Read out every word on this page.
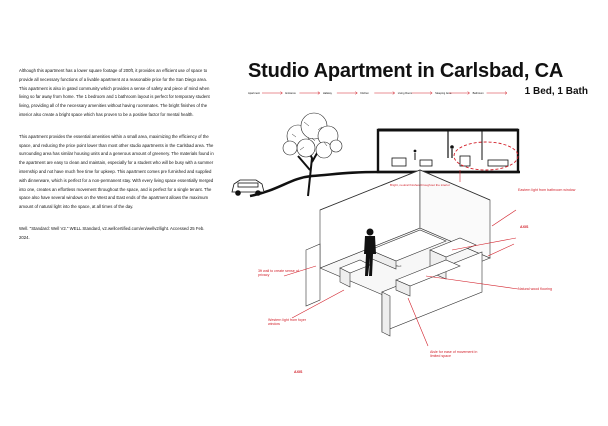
Although this apartment has a lower square footage of 200ft, it provides an efficient use of space to provide all necessary functions of a livable apartment at a reasonable price for the San Diego area. This apartment is also in gated community which provides a sense of safety and piece of mind when living so far away from home. The 1 bedroom and 1 bathroom layout is perfect for temporary student living, providing all of the necessary amenities without having roommates. The bright finishes of the interior also create a bright space which has proven to be a positive factor for mental health.

This apartment provides the essential amenities within a small area, maximizing the efficiency of the space, and reducing the price point lower than most other studio apartments in the Carlsbad area. The surrounding area has similar housing units and a generous amount of greenery. The materials found in the apartment are easy to clean and maintain, especially for a student who will be busy with a summer internship and not have much free time for upkeep. This apartment comes pre furnished and supplied with dinnerware, which is perfect for a non-permanent stay. With every living space essentially merged into one, creates an effortless movement throughout the space, and is perfect for a single tenant. The space also have several windows on the West and East ends of the apartment allows the maximum amount of natural light into the space, at all times of the day.

Well. "Standard: Well V2." WELL Standard, v2.wellcertified.com/en/wellv2/light. Accessed 25 Feb. 2024.

Studio Apartment in Carlsbad, CA
1 Bed, 1 Bath
Apartment	Entrance	Hallway	Kitchen	Living Room	Sleeping Area	Bathroom
Bright, neutral finishes throughout the interior
Eastern light from bathroom window
AXIS
3ft wall to create sense of privacy
Natural wood flooring
Western light from foyer window
AXIS
Aisle for ease of movement in limited space
Bed
